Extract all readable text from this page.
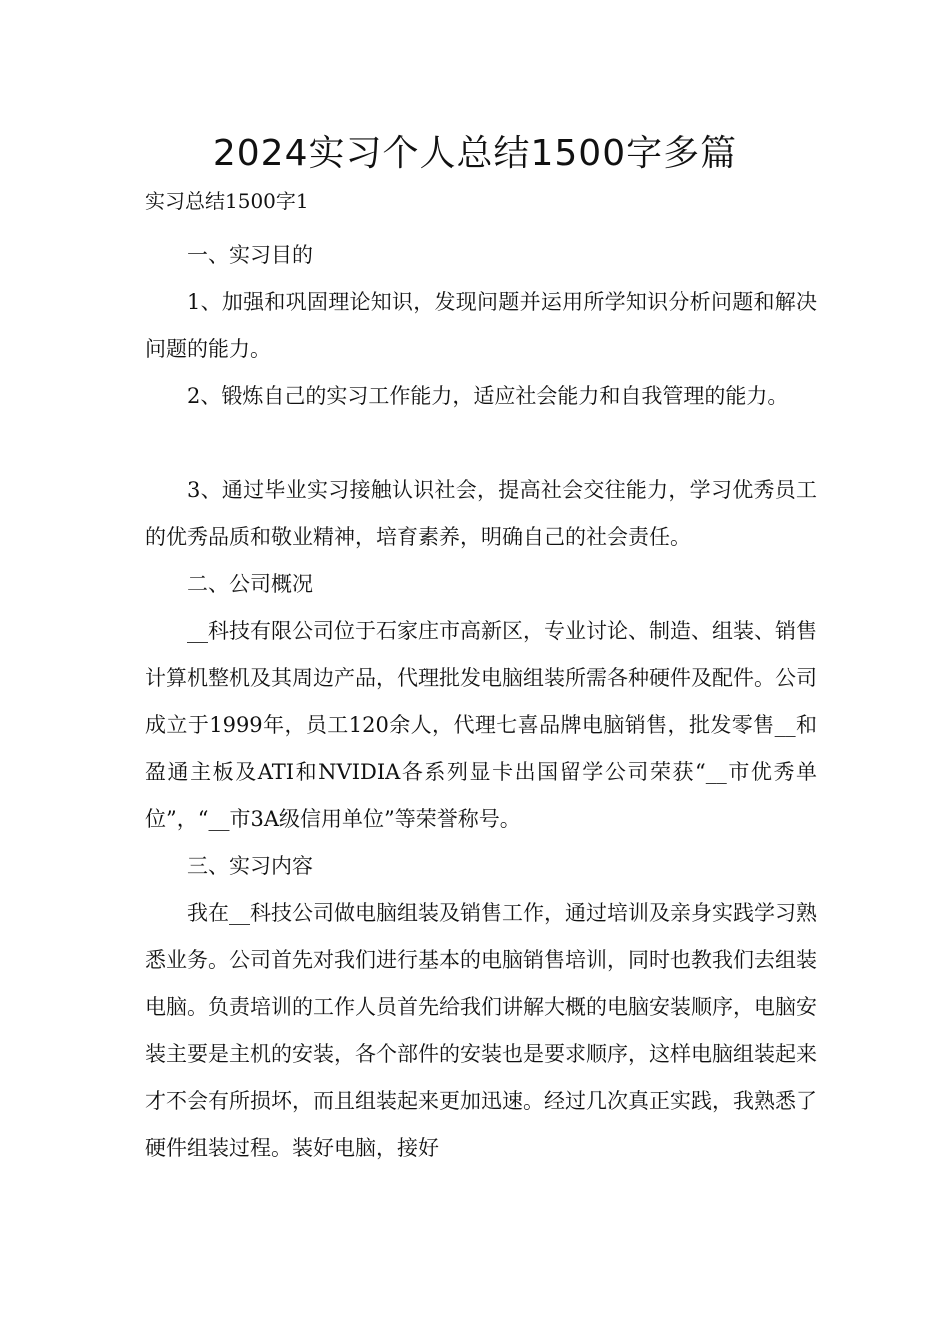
2024实习个人总结1500字多篇

实习总结1500字1

一、实习目的

1、加强和巩固理论知识，发现问题并运用所学知识分析问题和解决问题的能力。

2、锻炼自己的实习工作能力，适应社会能力和自我管理的能力。

3、通过毕业实习接触认识社会，提高社会交往能力，学习优秀员工的优秀品质和敬业精神，培育素养，明确自己的社会责任。

二、公司概况

__科技有限公司位于石家庄市高新区，专业讨论、制造、组装、销售计算机整机及其周边产品，代理批发电脑组装所需各种硬件及配件。公司成立于1999年，员工120余人，代理七喜品牌电脑销售，批发零售__和盈通主板及ATI和NVIDIA各系列显卡出国留学公司荣获“__市优秀单位”，“__市3A级信用单位”等荣誉称号。

三、实习内容

我在__科技公司做电脑组装及销售工作，通过培训及亲身实践学习熟悉业务。公司首先对我们进行基本的电脑销售培训，同时也教我们去组装电脑。负责培训的工作人员首先给我们讲解大概的电脑安装顺序，电脑安装主要是主机的安装，各个部件的安装也是要求顺序，这样电脑组装起来才不会有所损坏，而且组装起来更加迅速。经过几次真正实践，我熟悉了硬件组装过程。装好电脑，接好
